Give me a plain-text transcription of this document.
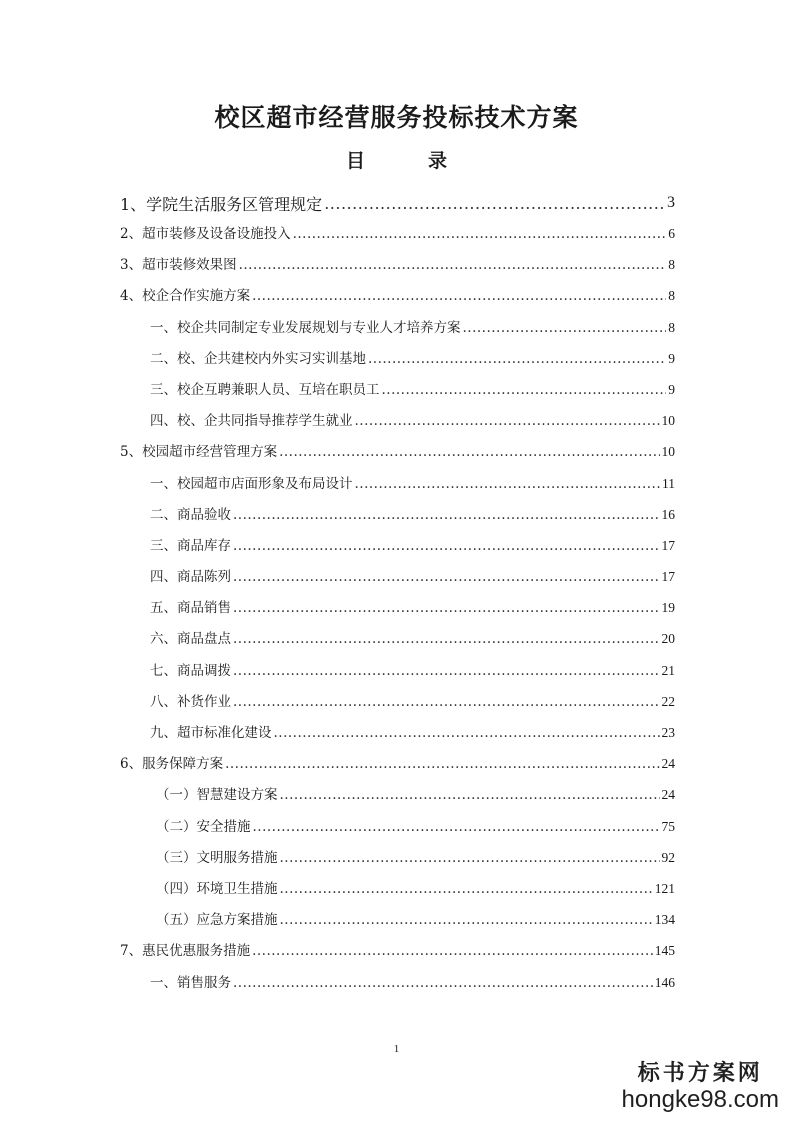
校区超市经营服务投标技术方案
目　录
1、学院生活服务区管理规定 .....	3
2、超市装修及设备设施投入 .....	6
3、超市装修效果图 .....	8
4、校企合作实施方案 .....	8
一、校企共同制定专业发展规划与专业人才培养方案 .....	8
二、校、企共建校内外实习实训基地 .....	9
三、校企互聘兼职人员、互培在职员工 .....	9
四、校、企共同指导推荐学生就业 .....	10
5、校园超市经营管理方案 .....	10
一、校园超市店面形象及布局设计 .....	11
二、商品验收 .....	16
三、商品库存 .....	17
四、商品陈列 .....	17
五、商品销售 .....	19
六、商品盘点 .....	20
七、商品调拨 .....	21
八、补货作业 .....	22
九、超市标准化建设 .....	23
6、服务保障方案 .....	24
（一）智慧建设方案 .....	24
（二）安全措施 .....	75
（三）文明服务措施 .....	92
（四）环境卫生措施 .....	121
（五）应急方案措施 .....	134
7、惠民优惠服务措施 .....	145
一、销售服务 .....	146
1
标书方案网
hongke98.com
